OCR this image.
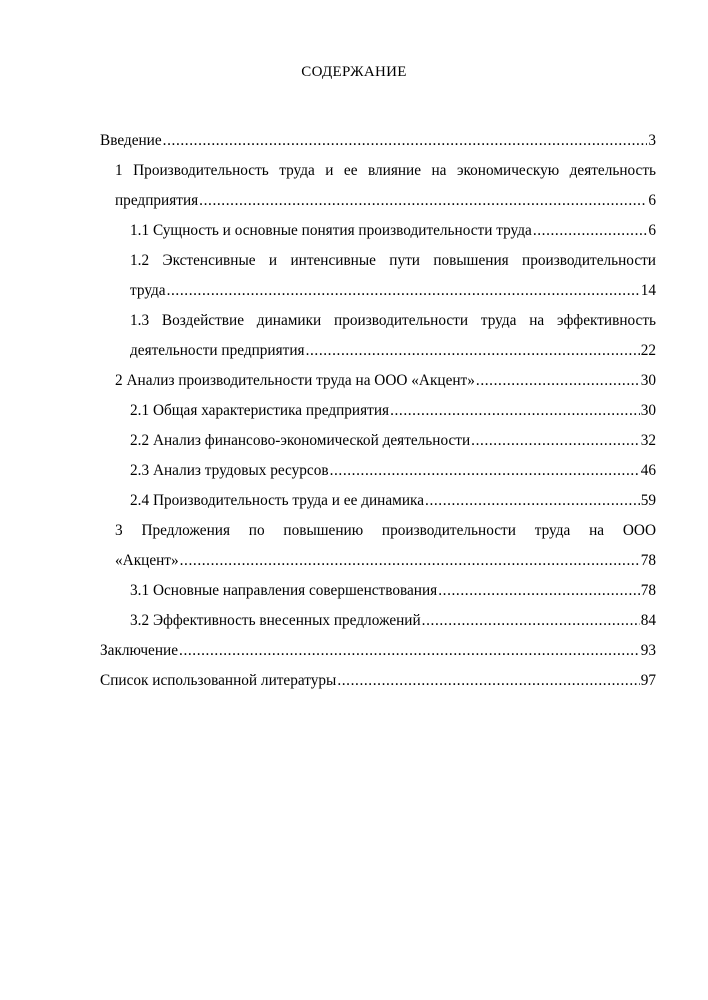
СОДЕРЖАНИЕ
Введение .....	3
1 Производительность труда и ее влияние на экономическую деятельность
предприятия .....	6
1.1 Сущность и основные понятия производительности труда .....	6
1.2 Экстенсивные и интенсивные пути повышения производительности
труда .....	14
1.3 Воздействие динамики производительности труда на эффективность
деятельности предприятия .....	22
2 Анализ производительности труда на ООО «Акцент» .....	30
2.1 Общая характеристика предприятия .....	30
2.2 Анализ финансово-экономической деятельности .....	32
2.3 Анализ трудовых ресурсов .....	46
2.4 Производительность труда и ее динамика .....	59
3 Предложения по повышению производительности труда на ООО
«Акцент» .....	78
3.1 Основные направления совершенствования .....	78
3.2 Эффективность внесенных предложений .....	84
Заключение .....	93
Список использованной литературы .....	97
